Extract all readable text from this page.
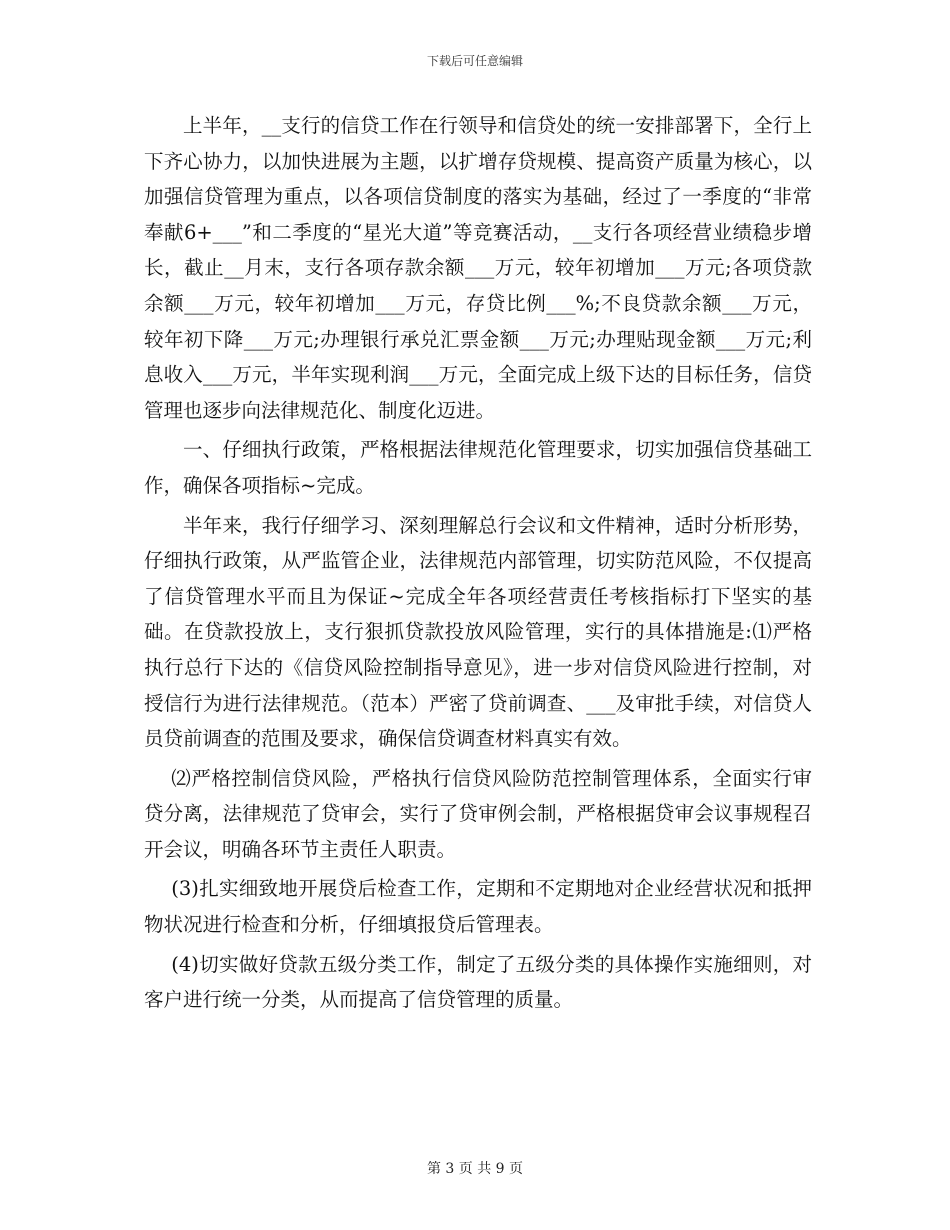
下载后可任意编辑

上半年，__支行的信贷工作在行领导和信贷处的统一安排部署下，全行上下齐心协力，以加快进展为主题，以扩增存贷规模、提高资产质量为核心，以加强信贷管理为重点，以各项信贷制度的落实为基础，经过了一季度的“非常奉献6+___”和二季度的“星光大道”等竞赛活动，__支行各项经营业绩稳步增长，截止__月末，支行各项存款余额___万元，较年初增加___万元;各项贷款余额___万元，较年初增加___万元，存贷比例___%;不良贷款余额___万元，较年初下降___万元;办理银行承兑汇票金额___万元;办理贴现金额___万元;利息收入___万元，半年实现利润___万元，全面完成上级下达的目标任务，信贷管理也逐步向法律规范化、制度化迈进。

一、仔细执行政策，严格根据法律规范化管理要求，切实加强信贷基础工作，确保各项指标~完成。

半年来，我行仔细学习、深刻理解总行会议和文件精神，适时分析形势，仔细执行政策，从严监管企业，法律规范内部管理，切实防范风险，不仅提高了信贷管理水平而且为保证~完成全年各项经营责任考核指标打下坚实的基础。在贷款投放上，支行狠抓贷款投放风险管理，实行的具体措施是:⑴严格执行总行下达的《信贷风险控制指导意见》，进一步对信贷风险进行控制，对授信行为进行法律规范。（范本）严密了贷前调查、___及审批手续，对信贷人员贷前调查的范围及要求，确保信贷调查材料真实有效。

⑵严格控制信贷风险，严格执行信贷风险防范控制管理体系，全面实行审贷分离，法律规范了贷审会，实行了贷审例会制，严格根据贷审会议事规程召开会议，明确各环节主责任人职责。

(3)扎实细致地开展贷后检查工作，定期和不定期地对企业经营状况和抵押物状况进行检查和分析，仔细填报贷后管理表。

(4)切实做好贷款五级分类工作，制定了五级分类的具体操作实施细则，对客户进行统一分类，从而提高了信贷管理的质量。

第 3 页 共 9 页
